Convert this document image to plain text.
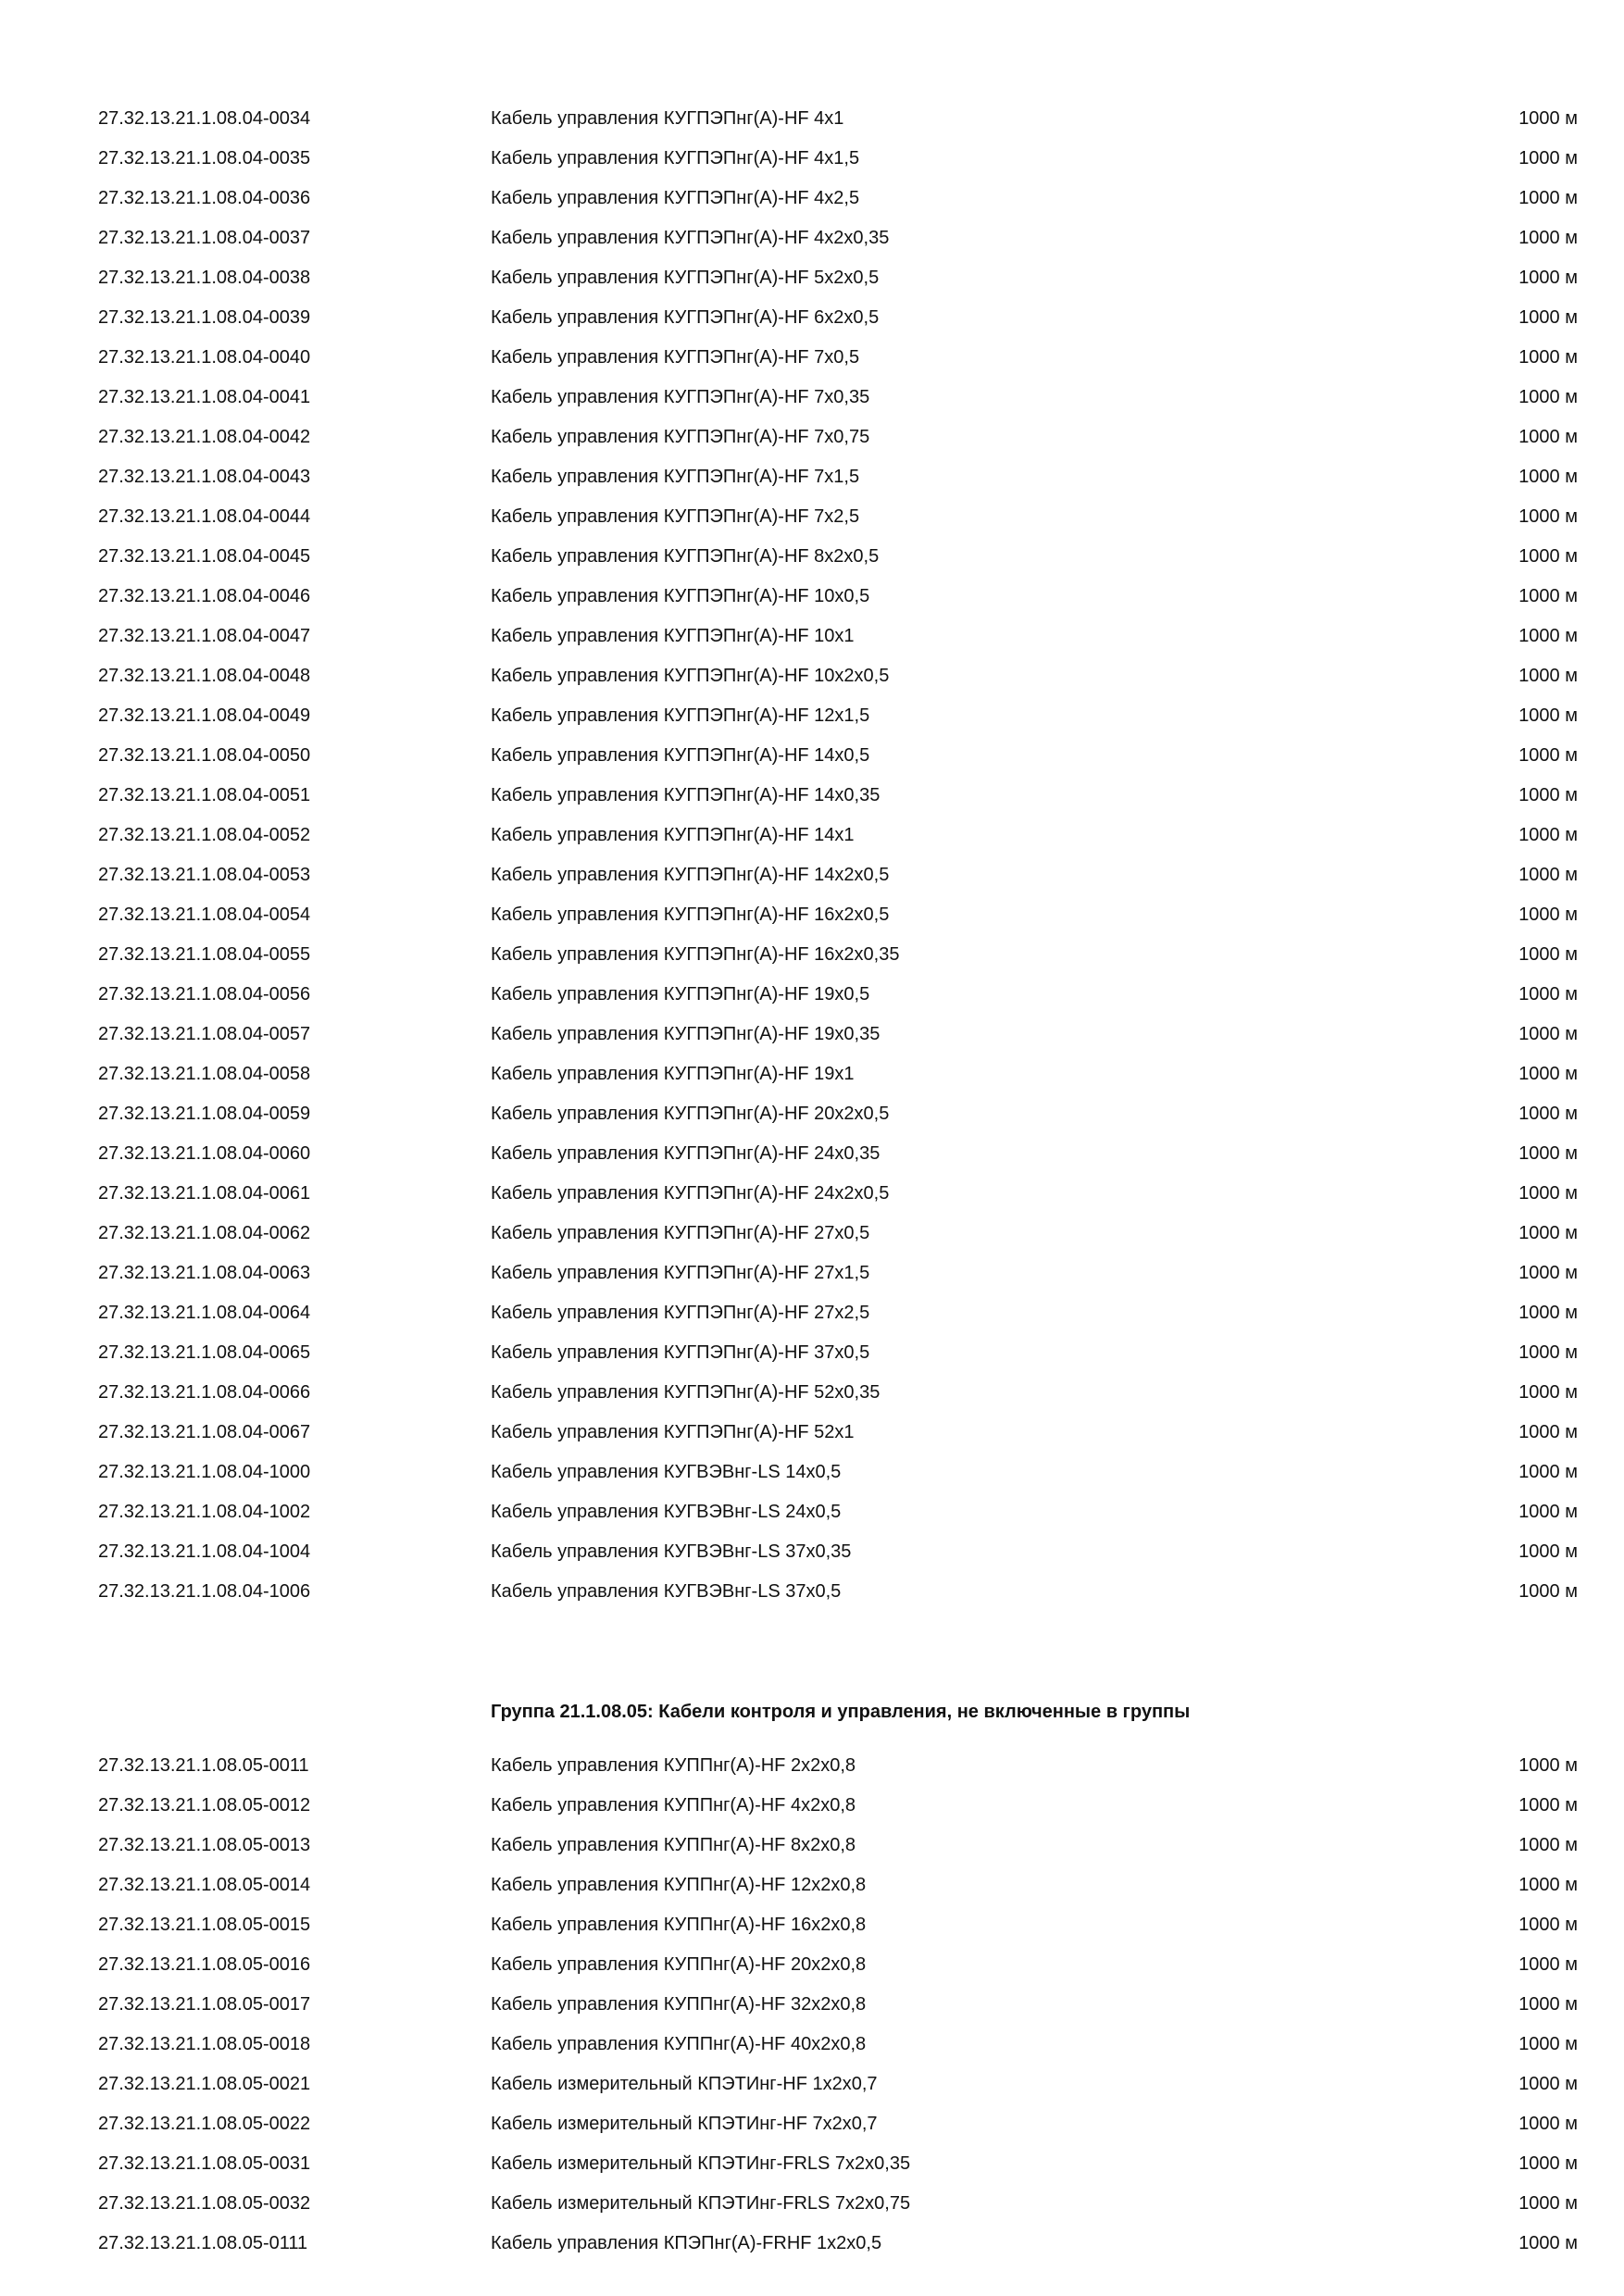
27.32.13.21.1.08.04-0034	Кабель управления КУГПЭПнг(А)-HF 4x1	1000 м
27.32.13.21.1.08.04-0035	Кабель управления КУГПЭПнг(А)-HF 4x1,5	1000 м
27.32.13.21.1.08.04-0036	Кабель управления КУГПЭПнг(А)-HF 4x2,5	1000 м
27.32.13.21.1.08.04-0037	Кабель управления КУГПЭПнг(А)-HF 4x2x0,35	1000 м
27.32.13.21.1.08.04-0038	Кабель управления КУГПЭПнг(А)-HF 5x2x0,5	1000 м
27.32.13.21.1.08.04-0039	Кабель управления КУГПЭПнг(А)-HF 6x2x0,5	1000 м
27.32.13.21.1.08.04-0040	Кабель управления КУГПЭПнг(А)-HF 7x0,5	1000 м
27.32.13.21.1.08.04-0041	Кабель управления КУГПЭПнг(А)-HF 7x0,35	1000 м
27.32.13.21.1.08.04-0042	Кабель управления КУГПЭПнг(А)-HF 7x0,75	1000 м
27.32.13.21.1.08.04-0043	Кабель управления КУГПЭПнг(А)-HF 7x1,5	1000 м
27.32.13.21.1.08.04-0044	Кабель управления КУГПЭПнг(А)-HF 7x2,5	1000 м
27.32.13.21.1.08.04-0045	Кабель управления КУГПЭПнг(А)-HF 8x2x0,5	1000 м
27.32.13.21.1.08.04-0046	Кабель управления КУГПЭПнг(А)-HF 10x0,5	1000 м
27.32.13.21.1.08.04-0047	Кабель управления КУГПЭПнг(А)-HF 10x1	1000 м
27.32.13.21.1.08.04-0048	Кабель управления КУГПЭПнг(А)-HF 10x2x0,5	1000 м
27.32.13.21.1.08.04-0049	Кабель управления КУГПЭПнг(А)-HF 12x1,5	1000 м
27.32.13.21.1.08.04-0050	Кабель управления КУГПЭПнг(А)-HF 14x0,5	1000 м
27.32.13.21.1.08.04-0051	Кабель управления КУГПЭПнг(А)-HF 14x0,35	1000 м
27.32.13.21.1.08.04-0052	Кабель управления КУГПЭПнг(А)-HF 14x1	1000 м
27.32.13.21.1.08.04-0053	Кабель управления КУГПЭПнг(А)-HF 14x2x0,5	1000 м
27.32.13.21.1.08.04-0054	Кабель управления КУГПЭПнг(А)-HF 16x2x0,5	1000 м
27.32.13.21.1.08.04-0055	Кабель управления КУГПЭПнг(А)-HF 16x2x0,35	1000 м
27.32.13.21.1.08.04-0056	Кабель управления КУГПЭПнг(А)-HF 19x0,5	1000 м
27.32.13.21.1.08.04-0057	Кабель управления КУГПЭПнг(А)-HF 19x0,35	1000 м
27.32.13.21.1.08.04-0058	Кабель управления КУГПЭПнг(А)-HF 19x1	1000 м
27.32.13.21.1.08.04-0059	Кабель управления КУГПЭПнг(А)-HF 20x2x0,5	1000 м
27.32.13.21.1.08.04-0060	Кабель управления КУГПЭПнг(А)-HF 24x0,35	1000 м
27.32.13.21.1.08.04-0061	Кабель управления КУГПЭПнг(А)-HF 24x2x0,5	1000 м
27.32.13.21.1.08.04-0062	Кабель управления КУГПЭПнг(А)-HF 27x0,5	1000 м
27.32.13.21.1.08.04-0063	Кабель управления КУГПЭПнг(А)-HF 27x1,5	1000 м
27.32.13.21.1.08.04-0064	Кабель управления КУГПЭПнг(А)-HF 27x2,5	1000 м
27.32.13.21.1.08.04-0065	Кабель управления КУГПЭПнг(А)-HF 37x0,5	1000 м
27.32.13.21.1.08.04-0066	Кабель управления КУГПЭПнг(А)-HF 52x0,35	1000 м
27.32.13.21.1.08.04-0067	Кабель управления КУГПЭПнг(А)-HF 52x1	1000 м
27.32.13.21.1.08.04-1000	Кабель управления КУГВЭВнг-LS 14x0,5	1000 м
27.32.13.21.1.08.04-1002	Кабель управления КУГВЭВнг-LS 24x0,5	1000 м
27.32.13.21.1.08.04-1004	Кабель управления КУГВЭВнг-LS 37x0,35	1000 м
27.32.13.21.1.08.04-1006	Кабель управления КУГВЭВнг-LS 37x0,5	1000 м
Группа 21.1.08.05: Кабели контроля и управления, не включенные в группы
27.32.13.21.1.08.05-0011	Кабель управления КУППнг(А)-HF 2x2x0,8	1000 м
27.32.13.21.1.08.05-0012	Кабель управления КУППнг(А)-HF 4x2x0,8	1000 м
27.32.13.21.1.08.05-0013	Кабель управления КУППнг(А)-HF 8x2x0,8	1000 м
27.32.13.21.1.08.05-0014	Кабель управления КУППнг(А)-HF 12x2x0,8	1000 м
27.32.13.21.1.08.05-0015	Кабель управления КУППнг(А)-HF 16x2x0,8	1000 м
27.32.13.21.1.08.05-0016	Кабель управления КУППнг(А)-HF 20x2x0,8	1000 м
27.32.13.21.1.08.05-0017	Кабель управления КУППнг(А)-HF 32x2x0,8	1000 м
27.32.13.21.1.08.05-0018	Кабель управления КУППнг(А)-HF 40x2x0,8	1000 м
27.32.13.21.1.08.05-0021	Кабель измерительный КПЭТИнг-HF 1x2x0,7	1000 м
27.32.13.21.1.08.05-0022	Кабель измерительный КПЭТИнг-HF 7x2x0,7	1000 м
27.32.13.21.1.08.05-0031	Кабель измерительный КПЭТИнг-FRLS 7x2x0,35	1000 м
27.32.13.21.1.08.05-0032	Кабель измерительный КПЭТИнг-FRLS 7x2x0,75	1000 м
27.32.13.21.1.08.05-0111	Кабель управления КПЭПнг(А)-FRHF 1x2x0,5	1000 м
